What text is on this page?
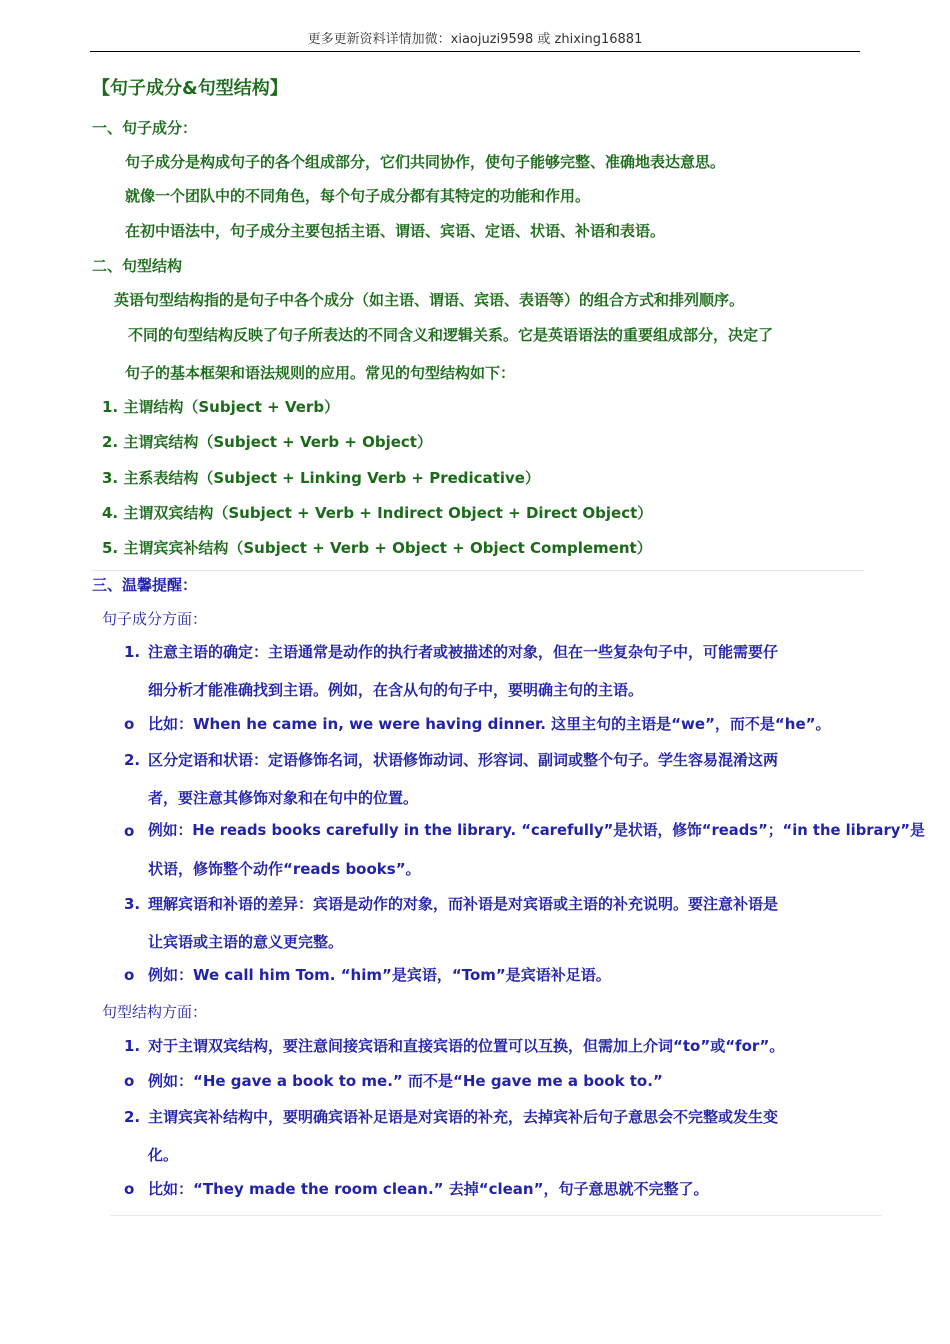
更多更新资料详情加微：xiaojuzi9598 或 zhixing16881
【句子成分&句型结构】
一、句子成分：
句子成分是构成句子的各个组成部分，它们共同协作，使句子能够完整、准确地表达意思。
就像一个团队中的不同角色，每个句子成分都有其特定的功能和作用。
在初中语法中，句子成分主要包括主语、谓语、宾语、定语、状语、补语和表语。
二、句型结构
英语句型结构指的是句子中各个成分（如主语、谓语、宾语、表语等）的组合方式和排列顺序。
不同的句型结构反映了句子所表达的不同含义和逻辑关系。它是英语语法的重要组成部分，决定了
句子的基本框架和语法规则的应用。常见的句型结构如下：
1. 主谓结构（Subject + Verb）
2. 主谓宾结构（Subject + Verb + Object）
3. 主系表结构（Subject + Linking Verb + Predicative）
4. 主谓双宾结构（Subject + Verb + Indirect Object + Direct Object）
5. 主谓宾宾补结构（Subject + Verb + Object + Object Complement）
三、温馨提醒：
句子成分方面：
1. 注意主语的确定：主语通常是动作的执行者或被描述的对象，但在一些复杂句子中，可能需要仔
细分析才能准确找到主语。例如，在含从句的句子中，要明确主句的主语。
o 比如：When he came in, we were having dinner. 这里主句的主语是“we”，而不是“he”。
2. 区分定语和状语：定语修饰名词，状语修饰动词、形容词、副词或整个句子。学生容易混淆这两
者，要注意其修饰对象和在句中的位置。
o 例如：He reads books carefully in the library. “carefully”是状语，修饰“reads”；“in the library”是
状语，修饰整个动作“reads books”。
3. 理解宾语和补语的差异：宾语是动作的对象，而补语是对宾语或主语的补充说明。要注意补语是
让宾语或主语的意义更完整。
o 例如：We call him Tom. “him”是宾语，“Tom”是宾语补足语。
句型结构方面：
1. 对于主谓双宾结构，要注意间接宾语和直接宾语的位置可以互换，但需加上介词“to”或“for”。
o 例如：“He gave a book to me.” 而不是“He gave me a book to.”
2. 主谓宾宾补结构中，要明确宾语补足语是对宾语的补充，去掉宾补后句子意思会不完整或发生变
化。
o 比如：“They made the room clean.” 去掉“clean”，句子意思就不完整了。
